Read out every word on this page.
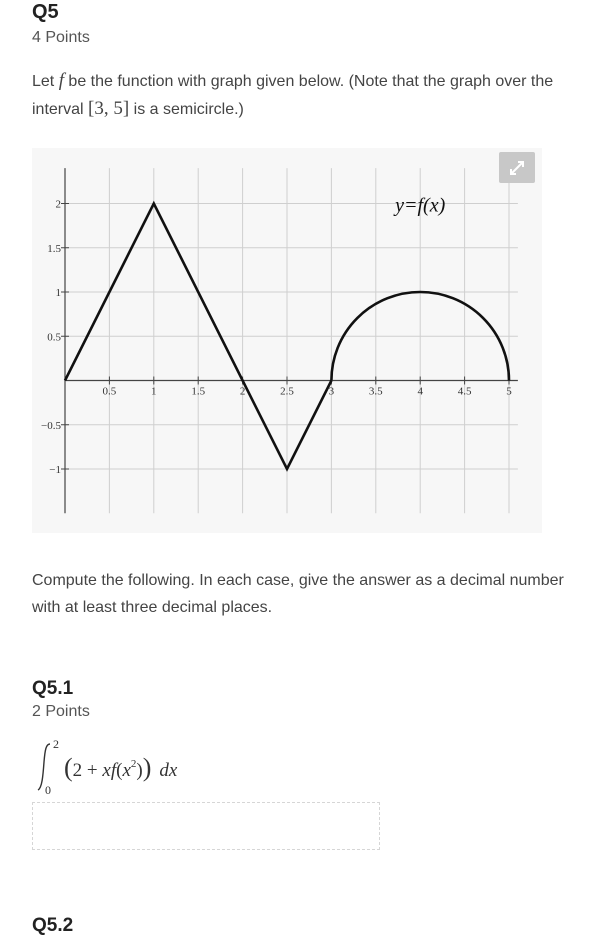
Q5
4 Points
Let f be the function with graph given below. (Note that the graph over the interval [3, 5] is a semicircle.)
0.5	1	1.5	2	2.5	3	3.5	4	4.5	5
−1
−0.5
0.5
1
1.5
2	y=f(x)
Compute the following. In each case, give the answer as a decimal number with at least three decimal places.
Q5.1
2 Points
2
0
$(2 + xf(x^2))$ dx
Q5.2
